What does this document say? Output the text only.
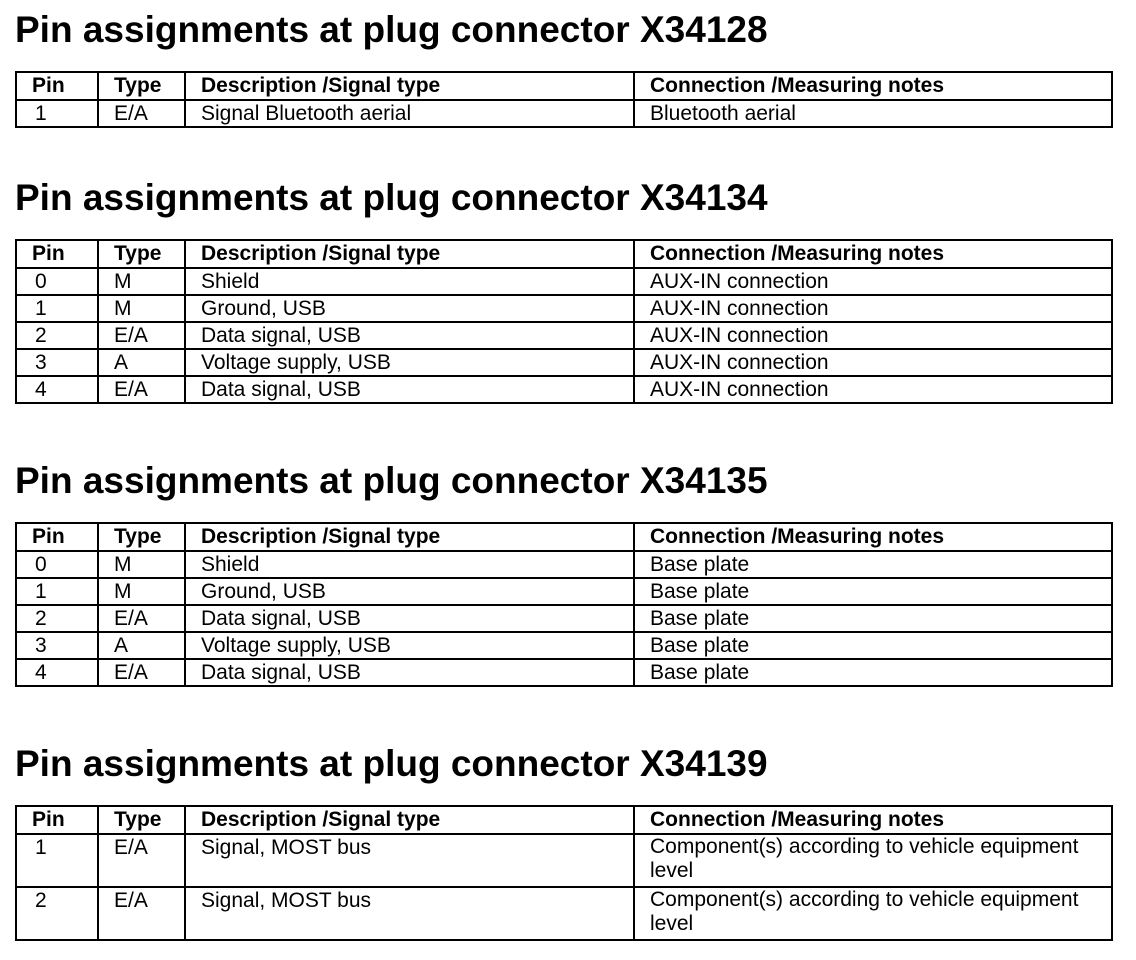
Pin assignments at plug connector X34128
Pin	Type	Description /Signal type	Connection /Measuring notes
1	E/A	Signal Bluetooth aerial	Bluetooth aerial
Pin assignments at plug connector X34134
Pin	Type	Description /Signal type	Connection /Measuring notes
0	M	Shield	AUX-IN connection
1	M	Ground, USB	AUX-IN connection
2	E/A	Data signal, USB	AUX-IN connection
3	A	Voltage supply, USB	AUX-IN connection
4	E/A	Data signal, USB	AUX-IN connection
Pin assignments at plug connector X34135
Pin	Type	Description /Signal type	Connection /Measuring notes
0	M	Shield	Base plate
1	M	Ground, USB	Base plate
2	E/A	Data signal, USB	Base plate
3	A	Voltage supply, USB	Base plate
4	E/A	Data signal, USB	Base plate
Pin assignments at plug connector X34139
Pin	Type	Description /Signal type	Connection /Measuring notes
1	E/A	Signal, MOST bus	Component(s) according to vehicle equipment level
2	E/A	Signal, MOST bus	Component(s) according to vehicle equipment level
